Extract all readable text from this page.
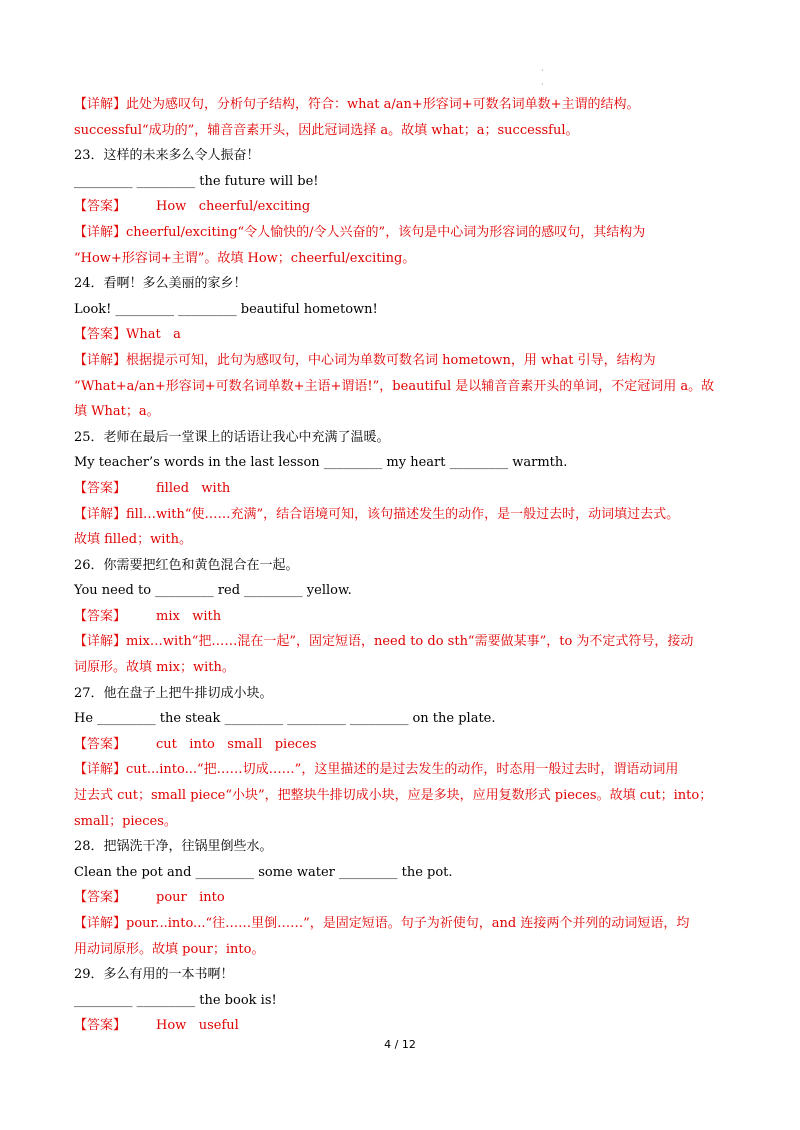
·
·
【详解】此处为感叹句，分析句子结构，符合：what a/an+形容词+可数名词单数+主谓的结构。
successful“成功的”，辅音音素开头，因此冠词选择 a。故填 what；a；successful。
23．这样的未来多么令人振奋！
_________ _________ the future will be!
【答案】 How   cheerful/exciting
【详解】cheerful/exciting“令人愉快的/令人兴奋的”，该句是中心词为形容词的感叹句，其结构为
“How+形容词+主谓”。故填 How；cheerful/exciting。
24．看啊！多么美丽的家乡！
Look! _________ _________ beautiful hometown!
【答案】What   a
【详解】根据提示可知，此句为感叹句，中心词为单数可数名词 hometown，用 what 引导，结构为
“What+a/an+形容词+可数名词单数+主语+谓语!”，beautiful 是以辅音音素开头的单词，不定冠词用 a。故
填 What；a。
25．老师在最后一堂课上的话语让我心中充满了温暖。
My teacher’s words in the last lesson _________ my heart _________ warmth.
【答案】 filled   with
【详解】fill…with“使……充满”，结合语境可知，该句描述发生的动作，是一般过去时，动词填过去式。
故填 filled；with。
26．你需要把红色和黄色混合在一起。
You need to _________ red _________ yellow.
【答案】 mix   with
【详解】mix…with“把……混在一起”，固定短语，need to do sth“需要做某事”，to 为不定式符号，接动
词原形。故填 mix；with。
27．他在盘子上把牛排切成小块。
He _________ the steak _________ _________ _________ on the plate.
【答案】 cut   into   small   pieces
【详解】cut...into...“把……切成……”，这里描述的是过去发生的动作，时态用一般过去时，谓语动词用
过去式 cut；small piece“小块”，把整块牛排切成小块，应是多块，应用复数形式 pieces。故填 cut；into；
small；pieces。
28．把锅洗干净，往锅里倒些水。
Clean the pot and _________ some water _________ the pot.
【答案】 pour   into
【详解】pour...into...“往……里倒……”，是固定短语。句子为祈使句，and 连接两个并列的动词短语，均
用动词原形。故填 pour；into。
29．多么有用的一本书啊！
_________ _________ the book is!
【答案】 How   useful
4 / 12
